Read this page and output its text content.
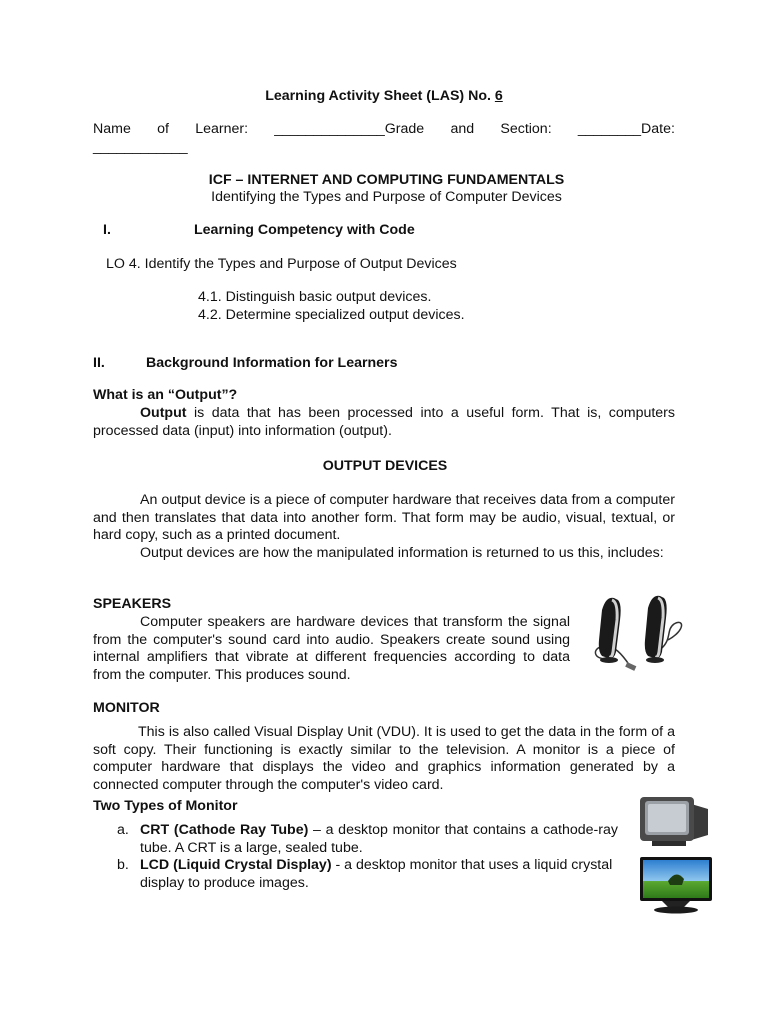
Learning Activity Sheet (LAS) No. 6
Name of Learner: ______________Grade and Section: ________Date:
____________
ICF – INTERNET AND COMPUTING FUNDAMENTALS
Identifying the Types and Purpose of Computer Devices
I.	Learning Competency with Code
LO 4. Identify the Types and Purpose of Output Devices
4.1. Distinguish basic output devices.
4.2. Determine specialized output devices.
II.	Background Information for Learners
What is an “Output”?

Output is data that has been processed into a useful form. That is, computers processed data (input) into information (output).

OUTPUT DEVICES

An output device is a piece of computer hardware that receives data from a computer and then translates that data into another form. That form may be audio, visual, textual, or hard copy, such as a printed document.

Output devices are how the manipulated information is returned to us this, includes:

SPEAKERS

Computer speakers are hardware devices that transform the signal from the computer's sound card into audio. Speakers create sound using internal amplifiers that vibrate at different frequencies according to data from the computer. This produces sound.

MONITOR

This is also called Visual Display Unit (VDU). It is used to get the data in the form of a soft copy. Their functioning is exactly similar to the television. A monitor is a piece of computer hardware that displays the video and graphics information generated by a connected computer through the computer's video card.

Two Types of Monitor
a. CRT (Cathode Ray Tube) – a desktop monitor that contains a cathode-ray tube. A CRT is a large, sealed tube.

b. LCD (Liquid Crystal Display) - a desktop monitor that uses a liquid crystal display to produce images.
